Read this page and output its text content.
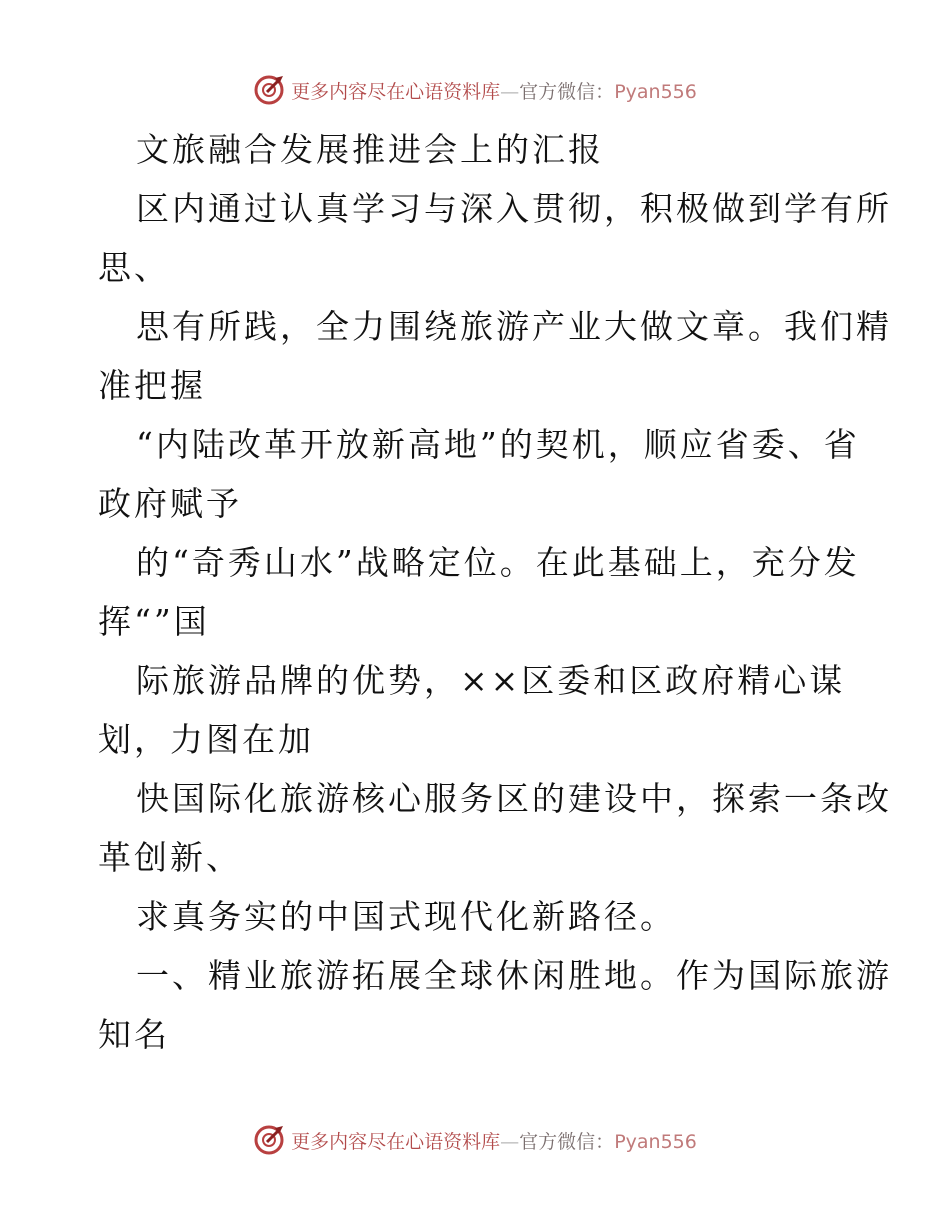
更多内容尽在心语资料库—官方微信：Pyan556
文旅融合发展推进会上的汇报
区内通过认真学习与深入贯彻，积极做到学有所
思、
思有所践，全力围绕旅游产业大做文章。我们精
准把握
“内陆改革开放新高地”的契机，顺应省委、省
政府赋予
的“奇秀山水”战略定位。在此基础上，充分发
挥“”国
际旅游品牌的优势，××区委和区政府精心谋
划，力图在加
快国际化旅游核心服务区的建设中，探索一条改
革创新、
求真务实的中国式现代化新路径。
一、精业旅游拓展全球休闲胜地。作为国际旅游
知名
更多内容尽在心语资料库—官方微信：Pyan556
